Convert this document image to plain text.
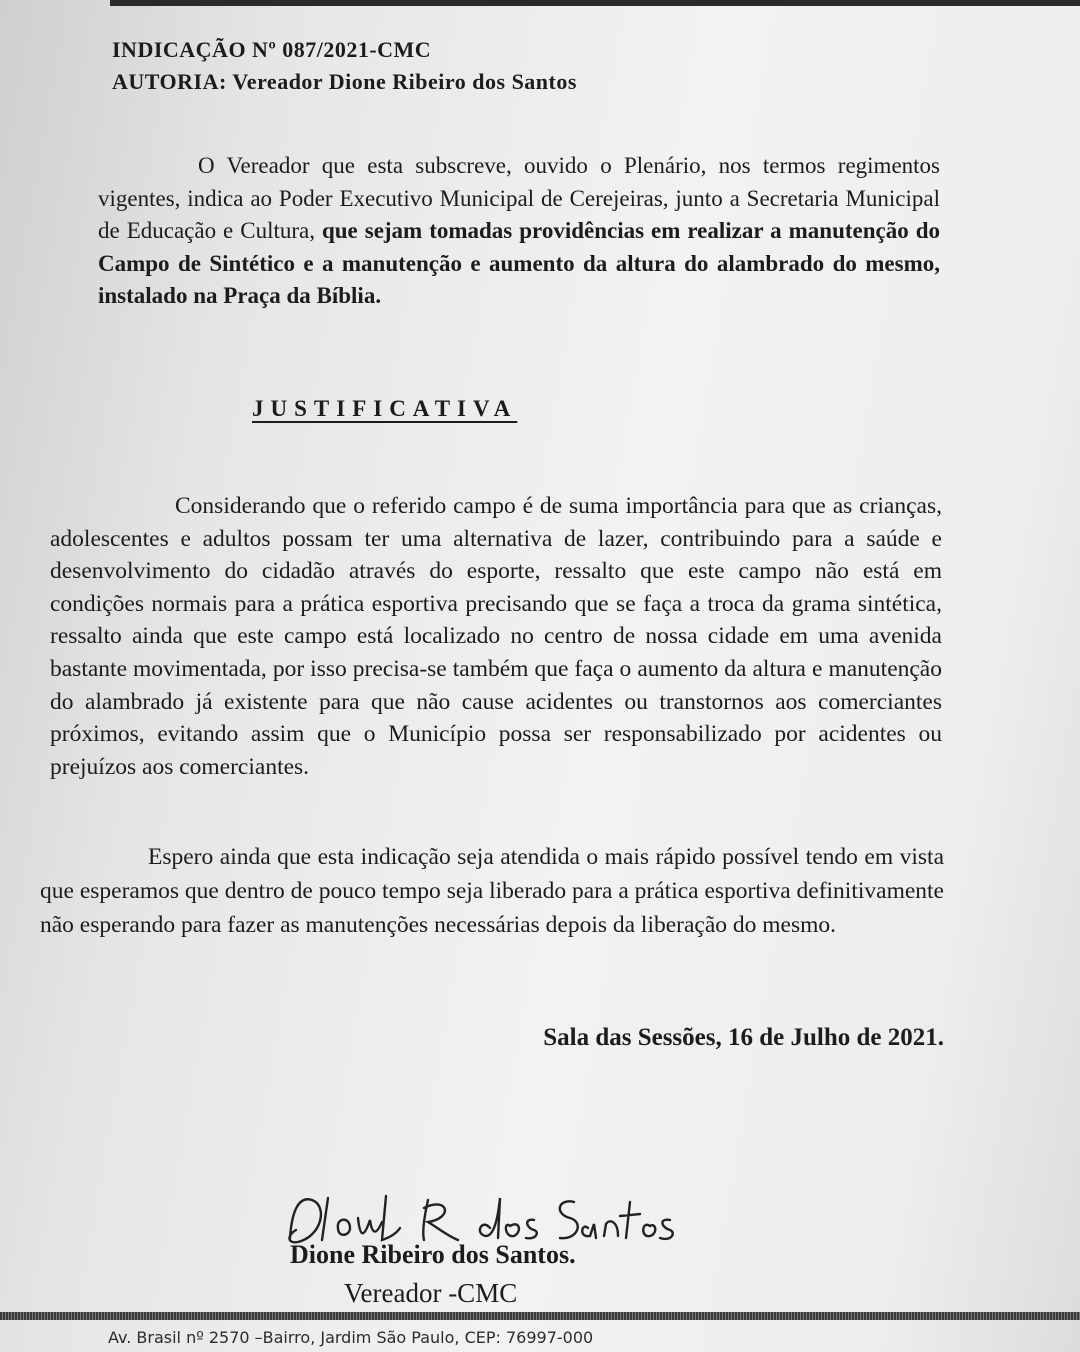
INDICAÇÃO Nº 087/2021-CMC
AUTORIA: Vereador Dione Ribeiro dos Santos
O Vereador que esta subscreve, ouvido o Plenário, nos termos regimentos vigentes, indica ao Poder Executivo Municipal de Cerejeiras, junto a Secretaria Municipal de Educação e Cultura, que sejam tomadas providências em realizar a manutenção do Campo de Sintético e a manutenção e aumento da altura do alambrado do mesmo, instalado na Praça da Bíblia.
JUSTIFICATIVA
Considerando que o referido campo é de suma importância para que as crianças, adolescentes e adultos possam ter uma alternativa de lazer, contribuindo para a saúde e desenvolvimento do cidadão através do esporte, ressalto que este campo não está em condições normais para a prática esportiva precisando que se faça a troca da grama sintética, ressalto ainda que este campo está localizado no centro de nossa cidade em uma avenida bastante movimentada, por isso precisa-se também que faça o aumento da altura e manutenção do alambrado já existente para que não cause acidentes ou transtornos aos comerciantes próximos, evitando assim que o Município possa ser responsabilizado por acidentes ou prejuízos aos comerciantes.
Espero ainda que esta indicação seja atendida o mais rápido possível tendo em vista que esperamos que dentro de pouco tempo seja liberado para a prática esportiva definitivamente não esperando para fazer as manutenções necessárias depois da liberação do mesmo.
Sala das Sessões, 16 de Julho de 2021.
Dione Ribeiro dos Santos.
Vereador -CMC
Av. Brasil nº 2570 –Bairro, Jardim São Paulo, CEP: 76997-000
